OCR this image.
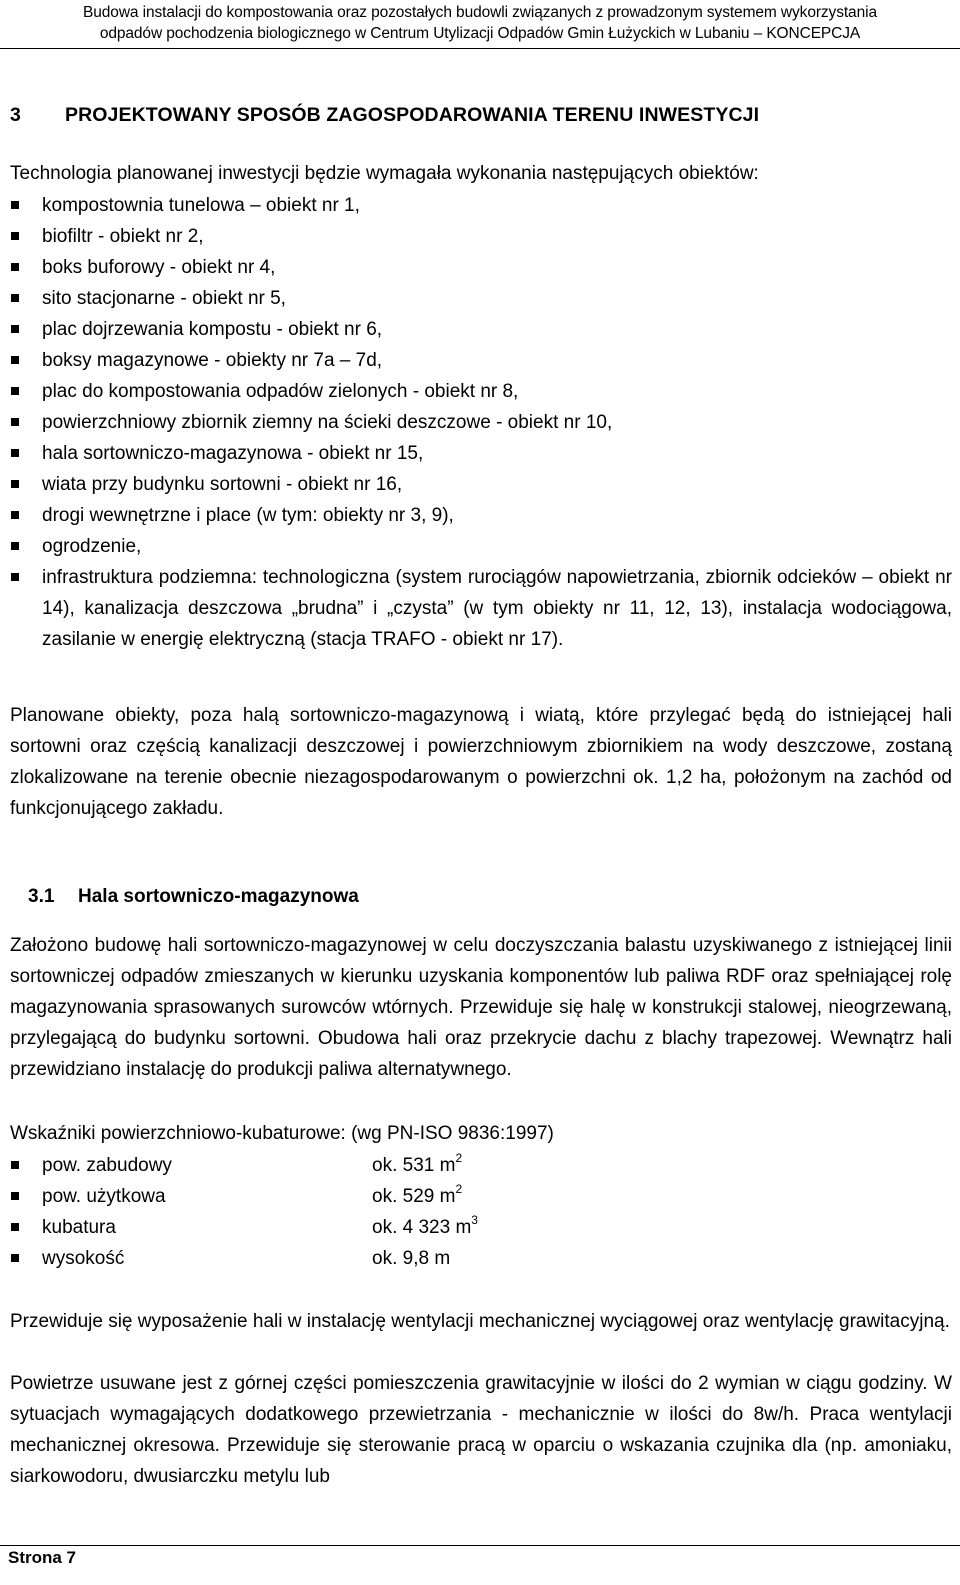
Budowa instalacji do kompostowania oraz pozostałych budowli związanych z prowadzonym systemem wykorzystania
odpadów pochodzenia biologicznego w Centrum Utylizacji Odpadów Gmin Łużyckich w Lubaniu – KONCEPCJA
3 PROJEKTOWANY SPOSÓB ZAGOSPODAROWANIA TERENU INWESTYCJI
Technologia planowanej inwestycji będzie wymagała wykonania następujących obiektów:
kompostownia tunelowa – obiekt nr 1,
biofiltr - obiekt nr 2,
boks buforowy - obiekt nr 4,
sito stacjonarne - obiekt nr 5,
plac dojrzewania kompostu - obiekt nr 6,
boksy magazynowe - obiekty nr 7a – 7d,
plac do kompostowania odpadów zielonych - obiekt nr 8,
powierzchniowy zbiornik ziemny na ścieki deszczowe - obiekt nr 10,
hala sortowniczo-magazynowa - obiekt nr 15,
wiata przy budynku sortowni - obiekt nr 16,
drogi wewnętrzne i place (w tym: obiekty nr 3, 9),
ogrodzenie,
infrastruktura podziemna: technologiczna (system rurociągów napowietrzania, zbiornik odcieków – obiekt nr 14), kanalizacja deszczowa „brudna” i „czysta” (w tym obiekty nr 11, 12, 13), instalacja wodociągowa, zasilanie w energię elektryczną (stacja TRAFO - obiekt nr 17).
Planowane obiekty, poza halą sortowniczo-magazynową i wiatą, które przylegać będą do istniejącej hali sortowni oraz częścią kanalizacji deszczowej i powierzchniowym zbiornikiem na wody deszczowe, zostaną zlokalizowane na terenie obecnie niezagospodarowanym o powierzchni ok. 1,2 ha, położonym na zachód od funkcjonującego zakładu.
3.1 Hala sortowniczo-magazynowa
Założono budowę hali sortowniczo-magazynowej w celu doczyszczania balastu uzyskiwanego z istniejącej linii sortowniczej odpadów zmieszanych w kierunku uzyskania komponentów lub paliwa RDF oraz spełniającej rolę magazynowania sprasowanych surowców wtórnych. Przewiduje się halę w konstrukcji stalowej, nieogrzewaną, przylegającą do budynku sortowni. Obudowa hali oraz przekrycie dachu z blachy trapezowej. Wewnątrz hali przewidziano instalację do produkcji paliwa alternatywnego.
Wskaźniki powierzchniowo-kubaturowe: (wg PN-ISO 9836:1997)
pow. zabudowy	ok. 531 $m^2$
pow. użytkowa	ok. 529 $m^2$
kubatura	ok. 4 323 $m^3$
wysokość	ok. 9,8 m
Przewiduje się wyposażenie hali w instalację wentylacji mechanicznej wyciągowej oraz wentylację grawitacyjną.
Powietrze usuwane jest z górnej części pomieszczenia grawitacyjnie w ilości do 2 wymian w ciągu godziny. W sytuacjach wymagających dodatkowego przewietrzania - mechanicznie w ilości do 8w/h. Praca wentylacji mechanicznej okresowa. Przewiduje się sterowanie pracą w oparciu o wskazania czujnika dla (np. amoniaku, siarkowodoru, dwusiarczku metylu lub
Strona 7
